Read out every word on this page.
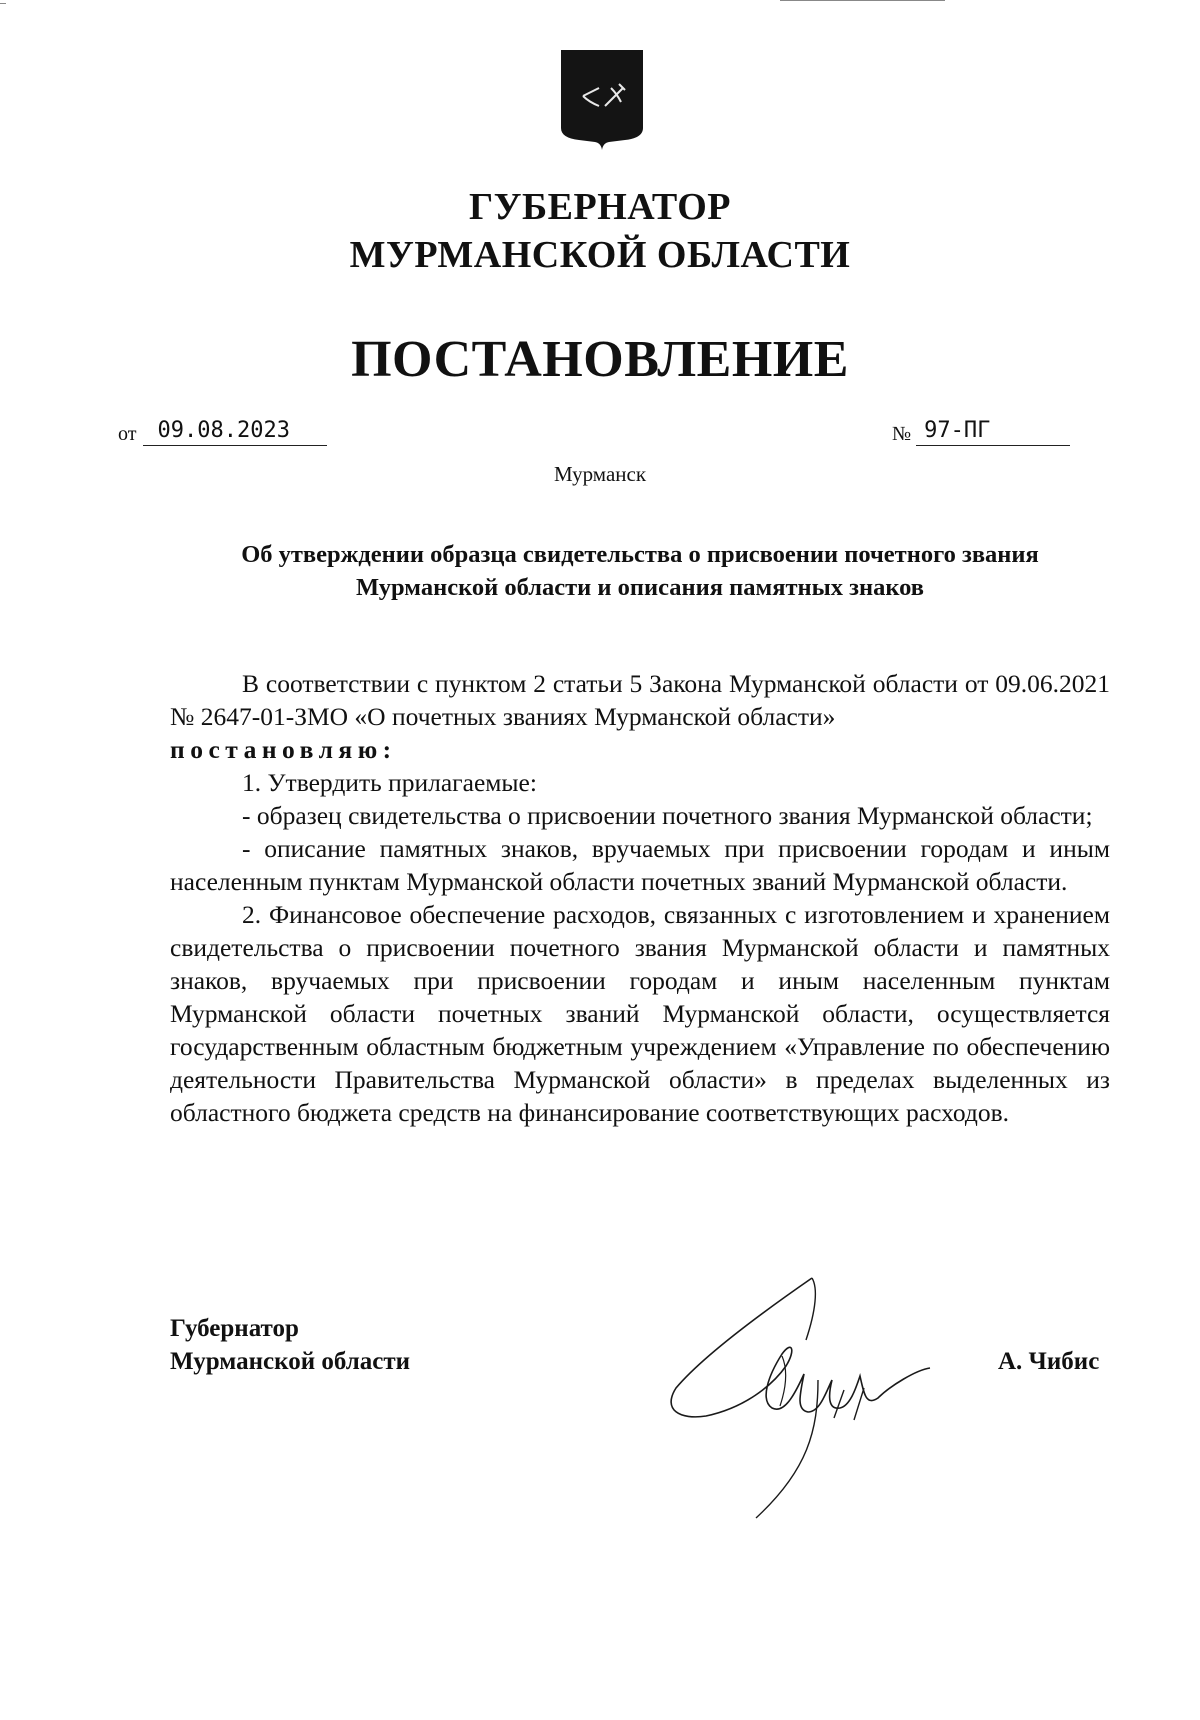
ГУБЕРНАТОР
МУРМАНСКОЙ ОБЛАСТИ
ПОСТАНОВЛЕНИЕ
от 09.08.2023	№ 97-ПГ
Мурманск

Об утверждении образца свидетельства о присвоении почетного звания Мурманской области и описания памятных знаков

В соответствии с пунктом 2 статьи 5 Закона Мурманской области от 09.06.2021 № 2647-01-ЗМО «О почетных званиях Мурманской области»

постановляю:

1. Утвердить прилагаемые:

- образец свидетельства о присвоении почетного звания Мурманской области;

- описание памятных знаков, вручаемых при присвоении городам и иным населенным пунктам Мурманской области почетных званий Мурманской области.

2. Финансовое обеспечение расходов, связанных с изготовлением и хранением свидетельства о присвоении почетного звания Мурманской области и памятных знаков, вручаемых при присвоении городам и иным населенным пунктам Мурманской области почетных званий Мурманской области, осуществляется государственным областным бюджетным учреждением «Управление по обеспечению деятельности Правительства Мурманской области» в пределах выделенных из областного бюджета средств на финансирование соответствующих расходов.

Губернатор
Мурманской области	А. Чибис
